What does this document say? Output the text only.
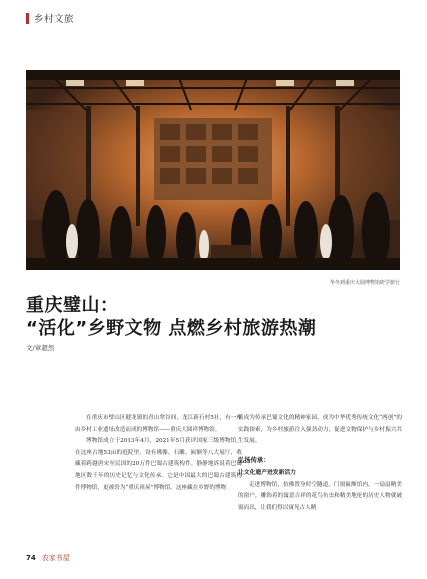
乡村文旅
华冬到重庆大圆博物馆研学旅行
重庆璧山：
“活化”乡野文物 点燃乡村旅游热潮
文/章超然

在重庆市璧山区健龙镇的青山翠谷间，龙江新石村5社，有一座由乡村工业遗址改造而成的博物馆——重庆大圆祥博物馆。

博物馆成立于2013年4月，2021年5月获评国家三级博物馆。在这座占地53亩的庭院里，设有佛像、石雕、匾额等八大展厅，收藏着跨越唐宋至民国的20万件巴蜀古建筑构件。静静地诉说着巴蜀地区数千年的历史记忆与文化传承。它是中国最大的巴蜀古建筑构件博物馆，更被誉为“重庆祖屋”博物馆。这座藏在乡野的博物

馆成为传承巴蜀文化的精神家园，成为中华优秀传统文化“两创”的实践探索，为乡村旅游注入强劲动力，促进文物保护与乡村振兴共生发展。

弘扬传承：
让文化遗产迸发新活力

走进博物馆，仿佛置身时空隧道。门窗匾额馆内，一扇扇精美的窗户，雕饰着的寓意吉祥的花鸟鱼虫和精美地伦的历史人物就破窗而出，让我们得以窥见古人精

74 农家书屋
